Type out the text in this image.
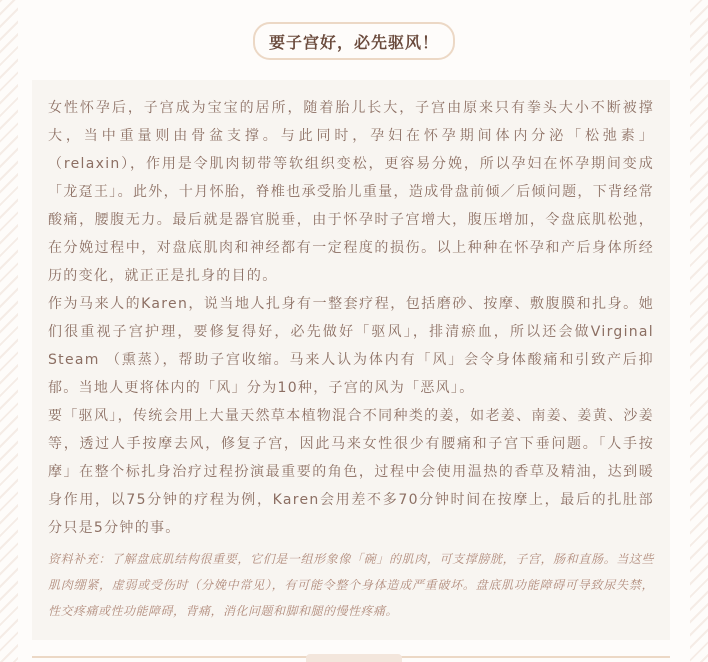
要子宫好，必先驱风！

女性怀孕后，子宫成为宝宝的居所，随着胎儿长大，子宫由原来只有拳头大小不断被撑大，当中重量则由骨盆支撑。与此同时，孕妇在怀孕期间体内分泌「松弛素」（relaxin），作用是令肌肉韧带等软组织变松，更容易分娩，所以孕妇在怀孕期间变成「龙趸王」。此外，十月怀胎，脊椎也承受胎儿重量，造成骨盘前倾／后倾问题，下背经常酸痛，腰腹无力。最后就是器官脱垂，由于怀孕时子宫增大，腹压增加，令盘底肌松弛，在分娩过程中，对盘底肌肉和神经都有一定程度的损伤。以上种种在怀孕和产后身体所经历的变化，就正正是扎身的目的。

作为马来人的Karen，说当地人扎身有一整套疗程，包括磨砂、按摩、敷腹膜和扎身。她们很重视子宫护理，要修复得好，必先做好「驱风」，排清瘀血，所以还会做Virginal Steam （熏蒸），帮助子宫收缩。马来人认为体内有「风」会令身体酸痛和引致产后抑郁。当地人更将体内的「风」分为10种，子宫的风为「恶风」。

要「驱风」，传统会用上大量天然草本植物混合不同种类的姜，如老姜、南姜、姜黄、沙姜等，透过人手按摩去风，修复子宫，因此马来女性很少有腰痛和子宫下垂问题。「人手按摩」在整个标扎身治疗过程扮演最重要的角色，过程中会使用温热的香草及精油，达到暖身作用，以75分钟的疗程为例，Karen会用差不多70分钟时间在按摩上，最后的扎肚部分只是5分钟的事。

资料补充：了解盘底肌结构很重要，它们是一组形象像「碗」的肌肉，可支撑膀胱，子宫，肠和直肠。当这些肌肉绷紧，虚弱或受伤时（分娩中常见），有可能令整个身体造成严重破坏。盘底肌功能障碍可导致尿失禁，性交疼痛或性功能障碍，背痛，消化问题和脚和腿的慢性疼痛。
